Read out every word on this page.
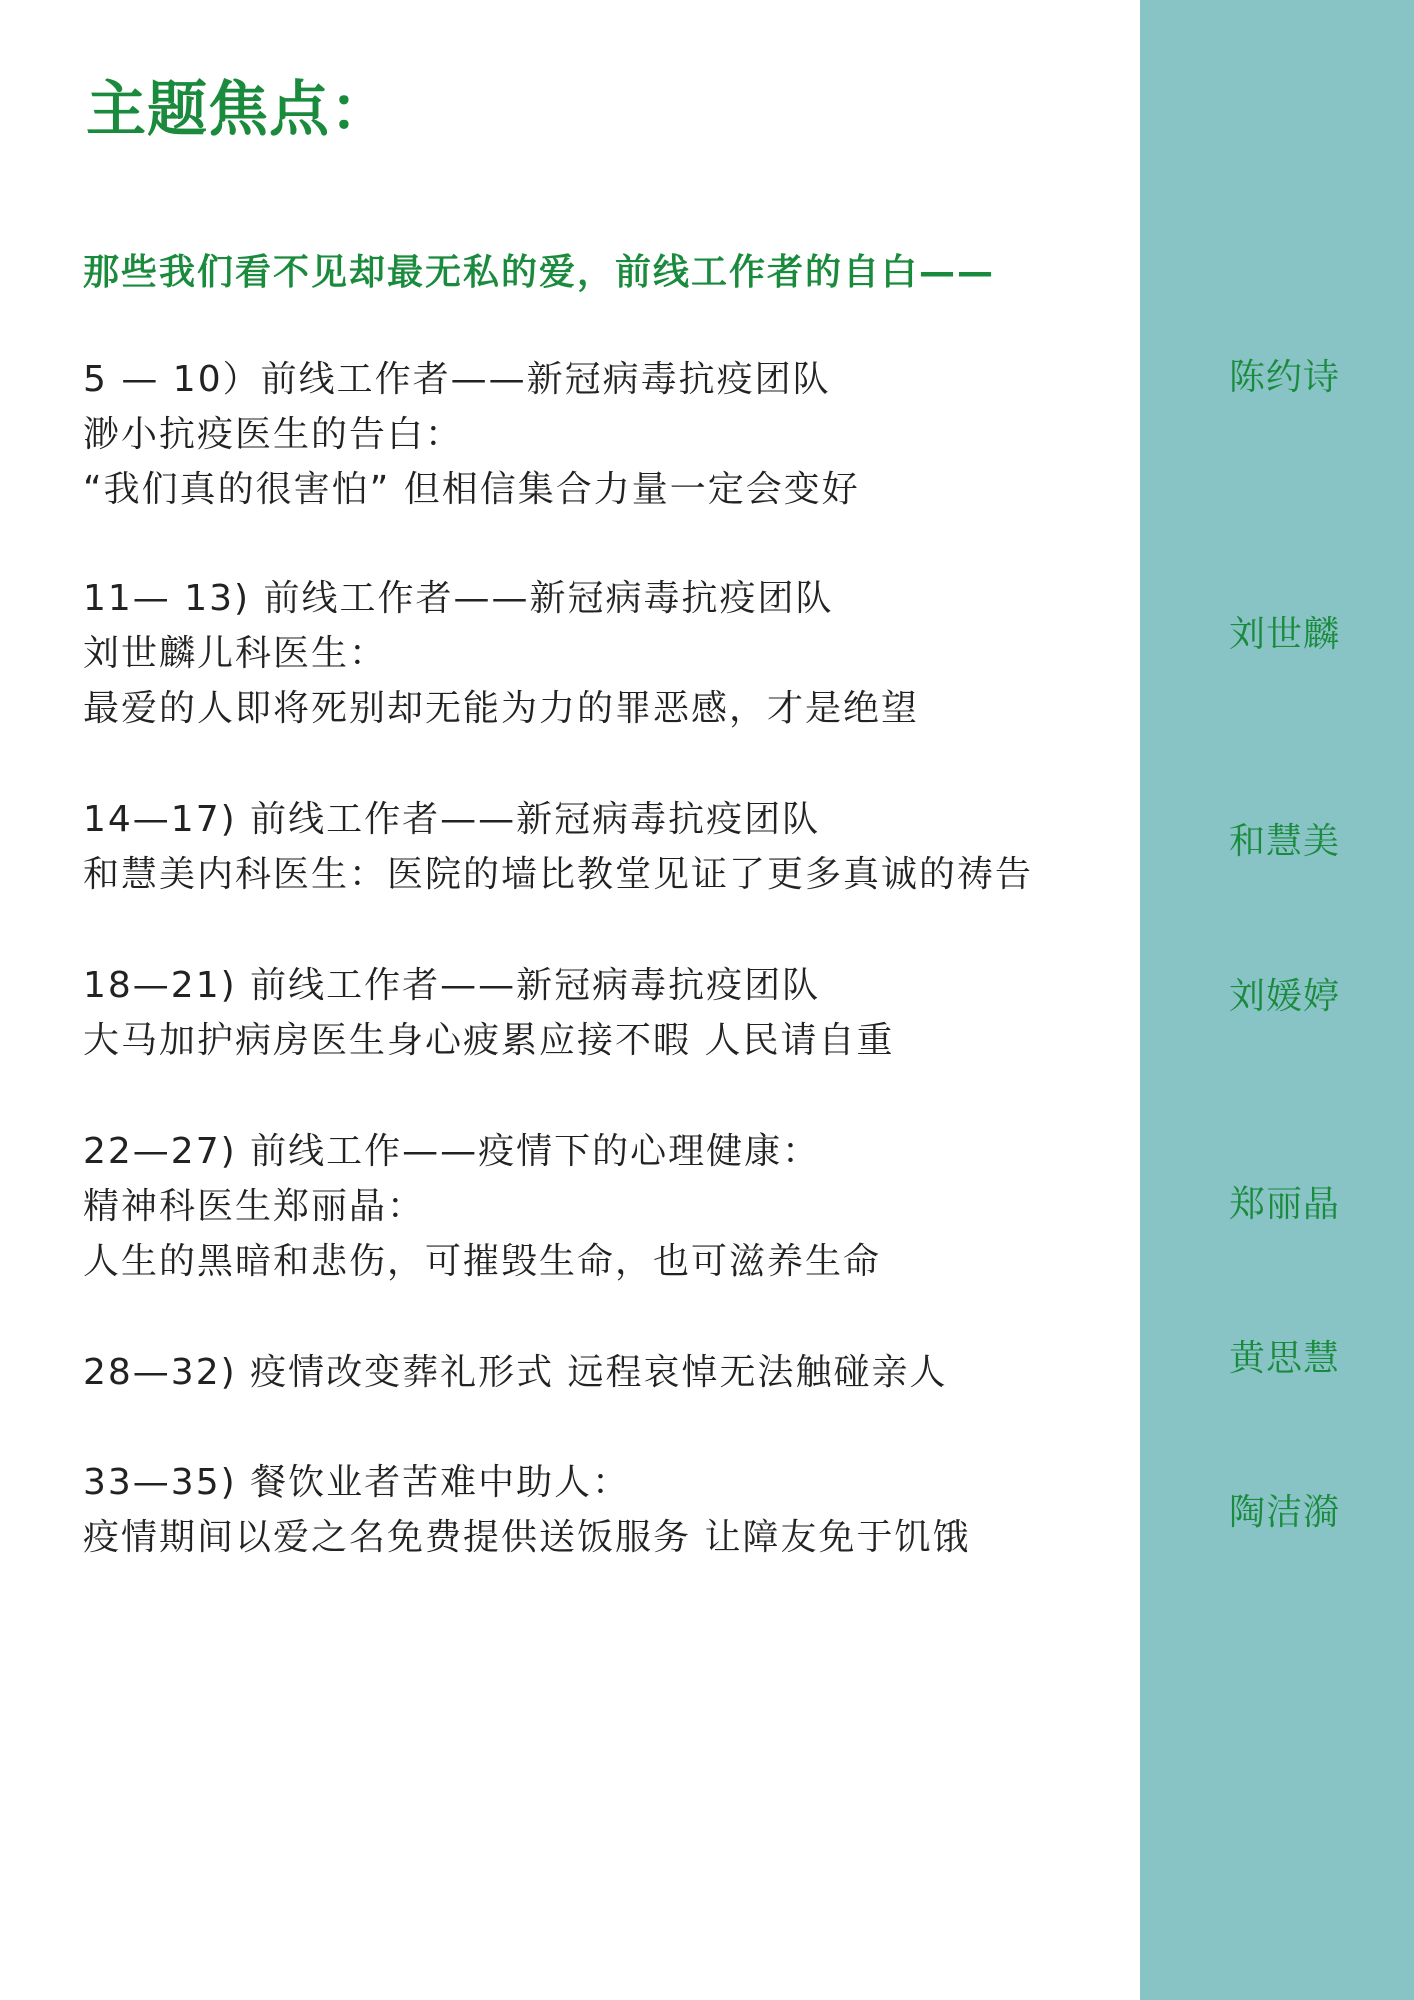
主题焦点：
那些我们看不见却最无私的爱，前线工作者的自白——
5 — 10）前线工作者——新冠病毒抗疫团队
渺小抗疫医生的告白：
“我们真的很害怕” 但相信集合力量一定会变好
11— 13) 前线工作者——新冠病毒抗疫团队
刘世麟儿科医生：
最爱的人即将死别却无能为力的罪恶感，才是绝望
14—17) 前线工作者——新冠病毒抗疫团队
和慧美内科医生：医院的墙比教堂见证了更多真诚的祷告
18—21) 前线工作者——新冠病毒抗疫团队
大马加护病房医生身心疲累应接不暇 人民请自重
22—27) 前线工作——疫情下的心理健康：
精神科医生郑丽晶：
人生的黑暗和悲伤，可摧毁生命，也可滋养生命
28—32) 疫情改变葬礼形式 远程哀悼无法触碰亲人
33—35) 餐饮业者苦难中助人：
疫情期间以爱之名免费提供送饭服务 让障友免于饥饿
陈约诗
刘世麟
和慧美
刘媛婷
郑丽晶
黄思慧
陶洁漪
